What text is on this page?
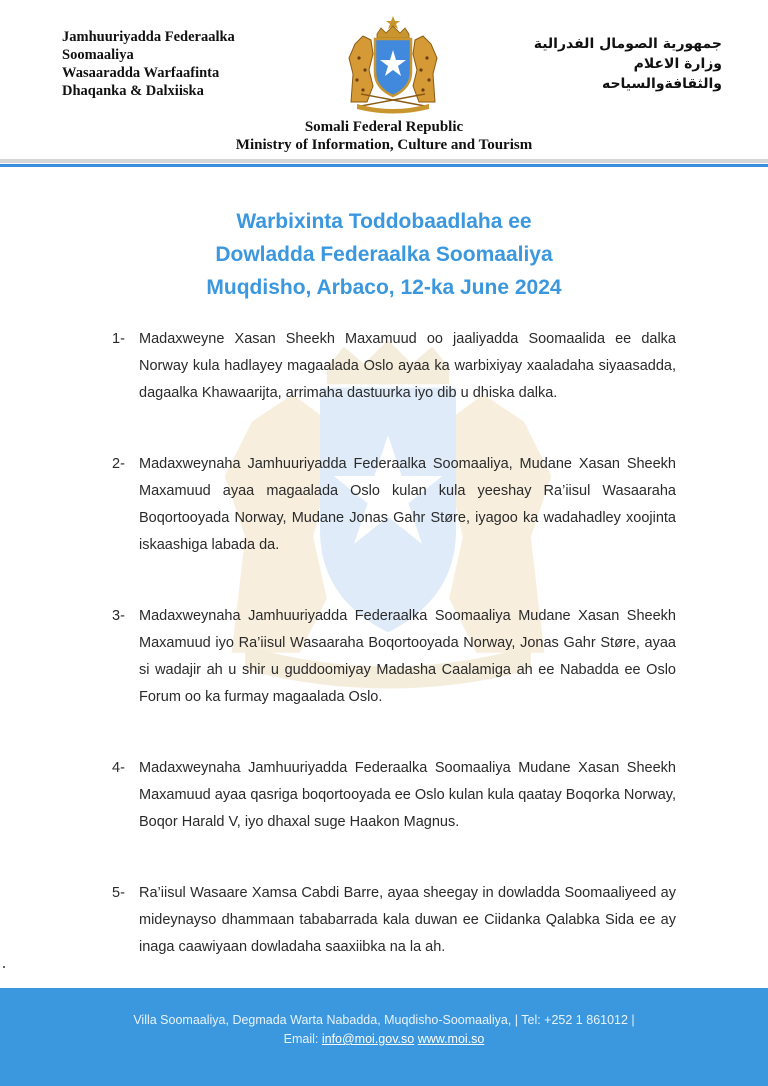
Jamhuuriyadda Federaalka
Soomaaliya
Wasaaradda Warfaafinta
Dhaqanka & Dalxiiska
جمهورية الصومال الفدرالية
وزارة الاعلام
والثقافةوالسياحه
Somali Federal Republic
Ministry of Information, Culture and Tourism
Warbixinta Toddobaadlaha ee
Dowladda Federaalka Soomaaliya
Muqdisho, Arbaco, 12-ka June 2024
1- Madaxweyne Xasan Sheekh Maxamuud oo jaaliyadda Soomaalida ee dalka Norway kula hadlayey magaalada Oslo ayaa ka warbixiyay xaaladaha siyaasadda, dagaalka Khawaarijta, arrimaha dastuurka iyo dib u dhiska dalka.
2- Madaxweynaha Jamhuuriyadda Federaalka Soomaaliya, Mudane Xasan Sheekh Maxamuud ayaa magaalada Oslo kulan kula yeeshay Ra’iisul Wasaaraha Boqortooyada Norway, Mudane Jonas Gahr Støre, iyagoo ka wadahadley xoojinta iskaashiga labada da.
3- Madaxweynaha Jamhuuriyadda Federaalka Soomaaliya Mudane Xasan Sheekh Maxamuud iyo Ra’iisul Wasaaraha Boqortooyada Norway, Jonas Gahr Støre, ayaa si wadajir ah u shir u guddoomiyay Madasha Caalamiga ah ee Nabadda ee Oslo Forum oo ka furmay magaalada Oslo.
4- Madaxweynaha Jamhuuriyadda Federaalka Soomaaliya Mudane Xasan Sheekh Maxamuud ayaa qasriga boqortooyada ee Oslo kulan kula qaatay Boqorka Norway, Boqor Harald V, iyo dhaxal suge Haakon Magnus.
5- Ra’iisul Wasaare Xamsa Cabdi Barre, ayaa sheegay in dowladda Soomaaliyeed ay mideynayso dhammaan tababarrada kala duwan ee Ciidanka Qalabka Sida ee ay inaga caawiyaan dowladaha saaxiibka na la ah.
Villa Soomaaliya, Degmada Warta Nabadda, Muqdisho-Soomaaliya, | Tel: +252 1 861012 |
Email: info@moi.gov.so www.moi.so
